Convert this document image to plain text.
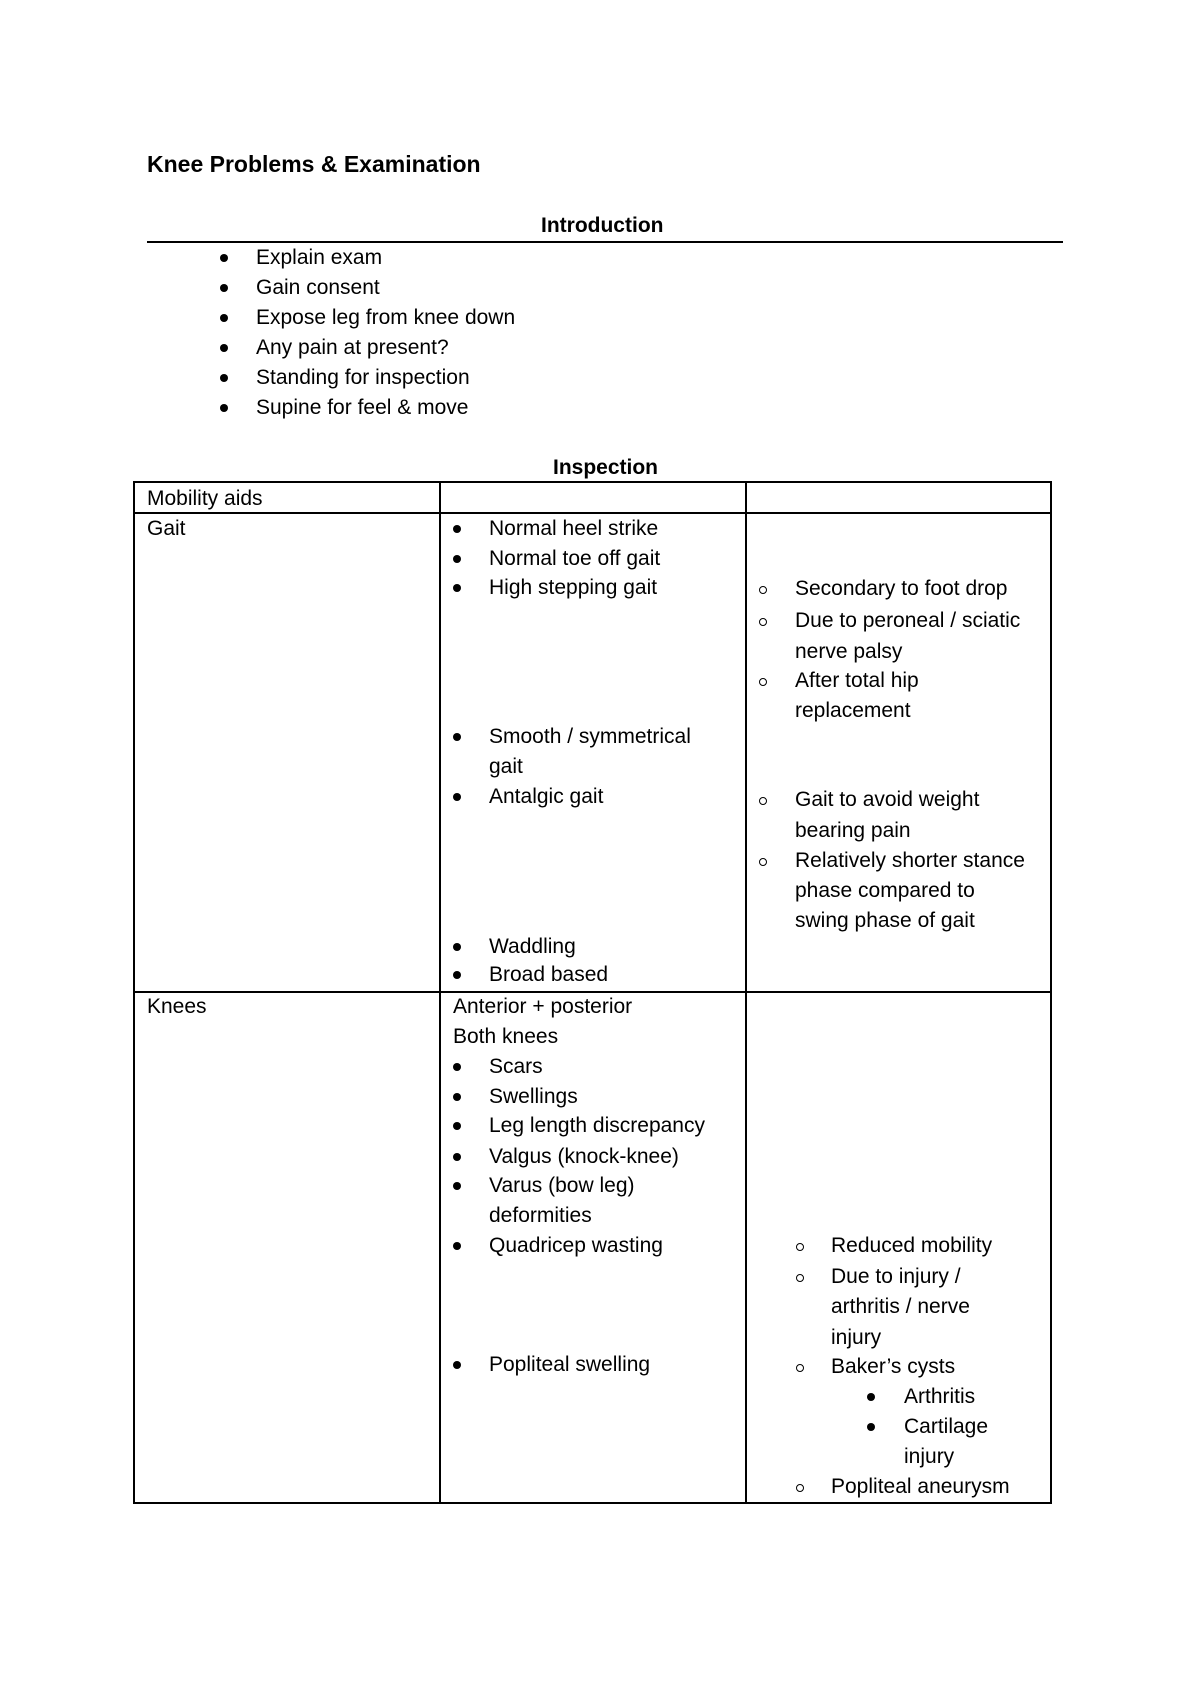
Knee Problems & Examination
Introduction
Explain exam
Gain consent
Expose leg from knee down
Any pain at present?
Standing for inspection
Supine for feel & move
Inspection
Mobility aids
Gait	Normal heel strike
Normal toe off gait
High stepping gait
Smooth / symmetrical
gait
Antalgic gait
Waddling
Broad based
Secondary to foot drop
Due to peroneal / sciatic
nerve palsy
After total hip
replacement
Gait to avoid weight
bearing pain
Relatively shorter stance
phase compared to
swing phase of gait
Knees	Anterior + posterior
Both knees
Scars
Swellings
Leg length discrepancy
Valgus (knock-knee)
Varus (bow leg)
deformities
Quadricep wasting
Popliteal swelling
Reduced mobility
Due to injury /
arthritis / nerve
injury
Baker’s cysts
Arthritis
Cartilage
injury
Popliteal aneurysm
